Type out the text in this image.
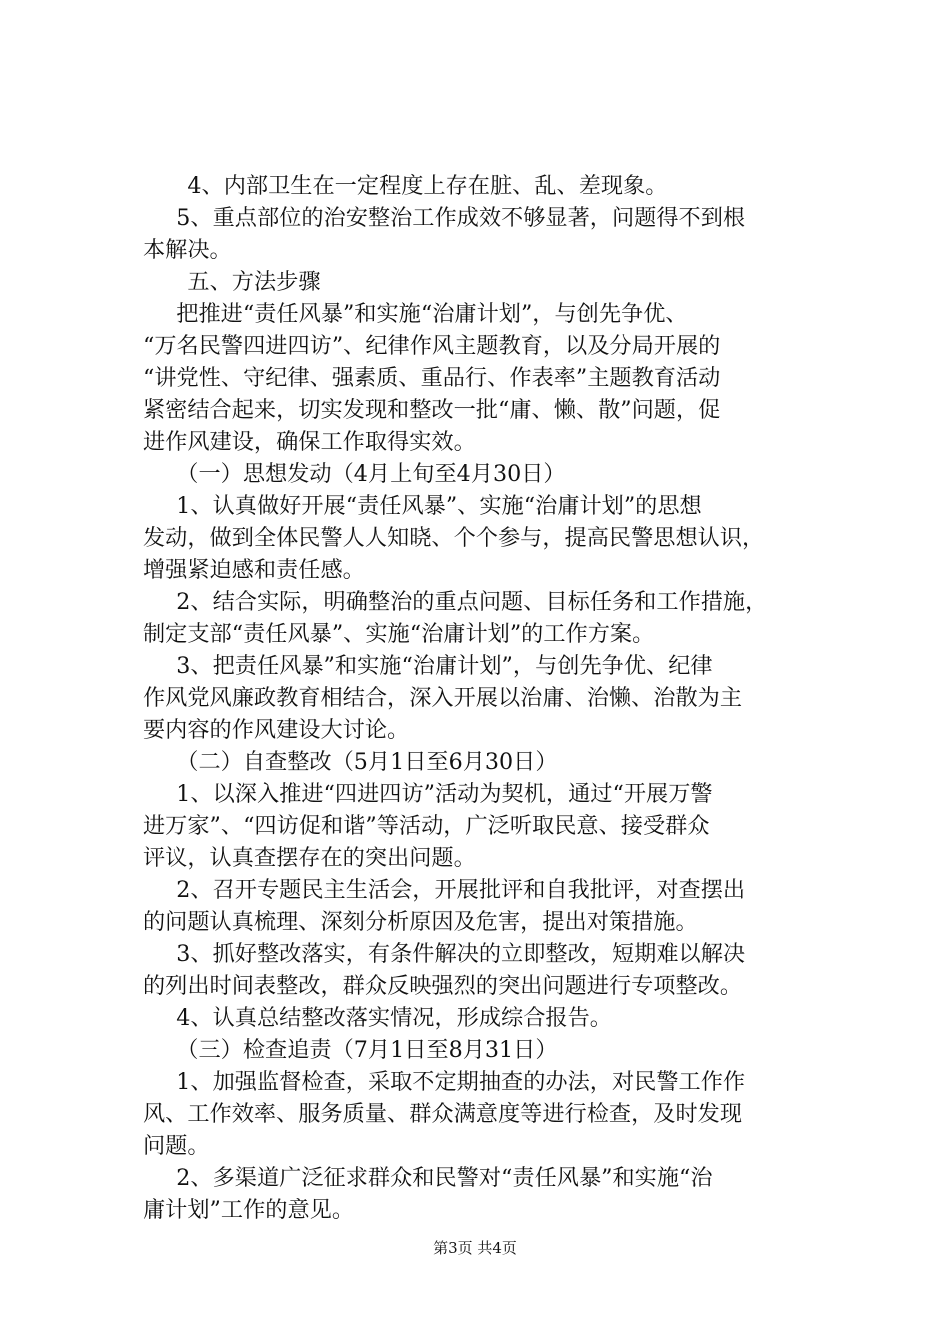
4、内部卫生在一定程度上存在脏、乱、差现象。

5、重点部位的治安整治工作成效不够显著，问题得不到根

本解决。

五、方法步骤

把推进“责任风暴”和实施“治庸计划”，与创先争优、

“万名民警四进四访”、纪律作风主题教育，以及分局开展的

“讲党性、守纪律、强素质、重品行、作表率”主题教育活动

紧密结合起来，切实发现和整改一批“庸、懒、散”问题，促

进作风建设，确保工作取得实效。

（一）思想发动（4月上旬至4月30日）

1、认真做好开展“责任风暴”、实施“治庸计划”的思想

发动，做到全体民警人人知晓、个个参与，提高民警思想认识，

增强紧迫感和责任感。

2、结合实际，明确整治的重点问题、目标任务和工作措施，

制定支部“责任风暴”、实施“治庸计划”的工作方案。

3、把责任风暴”和实施“治庸计划”，与创先争优、纪律

作风党风廉政教育相结合，深入开展以治庸、治懒、治散为主

要内容的作风建设大讨论。

（二）自查整改（5月1日至6月30日）

1、以深入推进“四进四访”活动为契机，通过“开展万警

进万家”、“四访促和谐”等活动，广泛听取民意、接受群众

评议，认真查摆存在的突出问题。

2、召开专题民主生活会，开展批评和自我批评，对查摆出

的问题认真梳理、深刻分析原因及危害，提出对策措施。

3、抓好整改落实，有条件解决的立即整改，短期难以解决

的列出时间表整改，群众反映强烈的突出问题进行专项整改。

4、认真总结整改落实情况，形成综合报告。

（三）检查追责（7月1日至8月31日）

1、加强监督检查，采取不定期抽查的办法，对民警工作作

风、工作效率、服务质量、群众满意度等进行检查，及时发现

问题。

2、多渠道广泛征求群众和民警对“责任风暴”和实施“治

庸计划”工作的意见。

第3页 共4页
